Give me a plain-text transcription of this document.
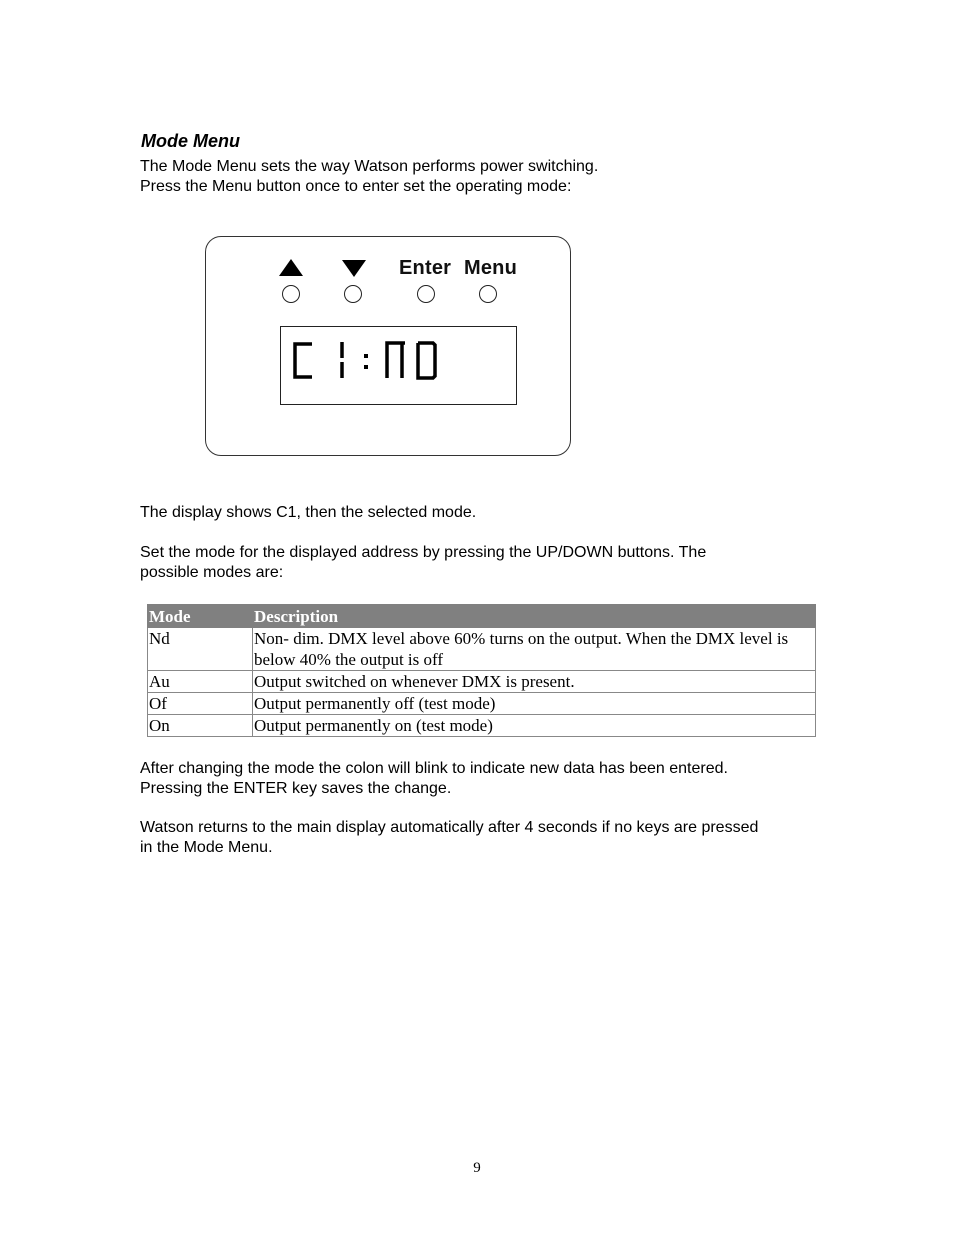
Mode Menu

The Mode Menu sets the way Watson performs power switching.
Press the Menu button once to enter set the operating mode:

Enter Menu

The display shows C1, then the selected mode.

Set the mode for the displayed address by pressing the UP/DOWN buttons. The
possible modes are:

Mode	Description
Nd	Non- dim. DMX level above 60% turns on the output. When the DMX level is below 40% the output is off
Au	Output switched on whenever DMX is present.
Of	Output permanently off (test mode)
On	Output permanently on (test mode)

After changing the mode the colon will blink to indicate new data has been entered.
Pressing the ENTER key saves the change.

Watson returns to the main display automatically after 4 seconds if no keys are pressed
in the Mode Menu.

9
